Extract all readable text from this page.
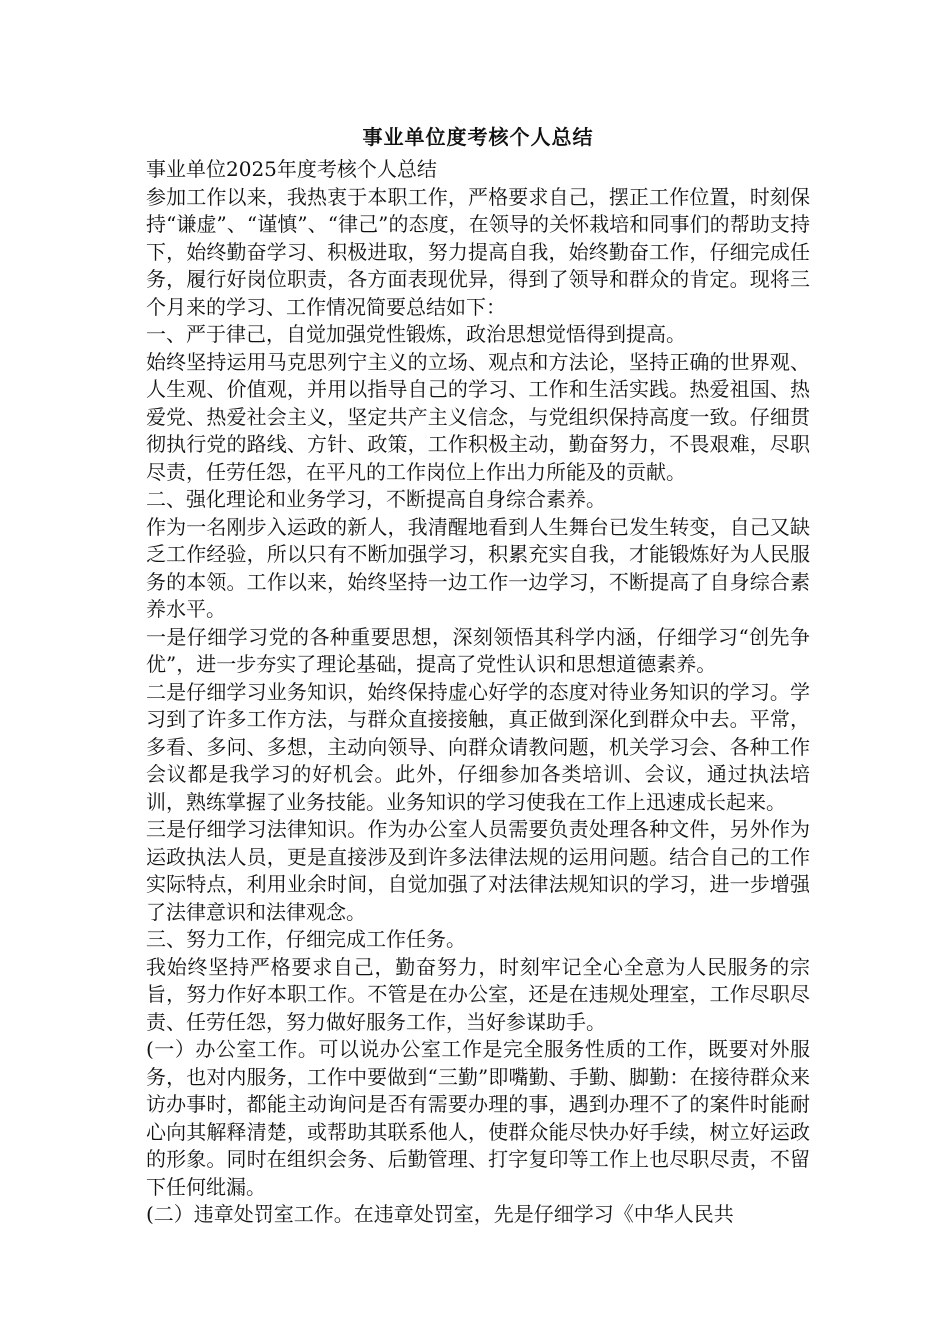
事业单位度考核个人总结

事业单位2025年度考核个人总结

参加工作以来，我热衷于本职工作，严格要求自己，摆正工作位置，时刻保持“谦虚”、“谨慎”、“律己”的态度，在领导的关怀栽培和同事们的帮助支持下，始终勤奋学习、积极进取，努力提高自我，始终勤奋工作，仔细完成任务，履行好岗位职责，各方面表现优异，得到了领导和群众的肯定。现将三个月来的学习、工作情况简要总结如下：

一、严于律己，自觉加强党性锻炼，政治思想觉悟得到提高。

始终坚持运用马克思列宁主义的立场、观点和方法论，坚持正确的世界观、人生观、价值观，并用以指导自己的学习、工作和生活实践。热爱祖国、热爱党、热爱社会主义，坚定共产主义信念，与党组织保持高度一致。仔细贯彻执行党的路线、方针、政策，工作积极主动，勤奋努力，不畏艰难，尽职尽责，任劳任怨，在平凡的工作岗位上作出力所能及的贡献。

二、强化理论和业务学习，不断提高自身综合素养。

作为一名刚步入运政的新人，我清醒地看到人生舞台已发生转变，自己又缺乏工作经验，所以只有不断加强学习，积累充实自我，才能锻炼好为人民服务的本领。工作以来，始终坚持一边工作一边学习，不断提高了自身综合素养水平。

一是仔细学习党的各种重要思想，深刻领悟其科学内涵，仔细学习“创先争优”，进一步夯实了理论基础，提高了党性认识和思想道德素养。

二是仔细学习业务知识，始终保持虚心好学的态度对待业务知识的学习。学习到了许多工作方法，与群众直接接触，真正做到深化到群众中去。平常，多看、多问、多想，主动向领导、向群众请教问题，机关学习会、各种工作会议都是我学习的好机会。此外，仔细参加各类培训、会议，通过执法培训，熟练掌握了业务技能。业务知识的学习使我在工作上迅速成长起来。

三是仔细学习法律知识。作为办公室人员需要负责处理各种文件，另外作为运政执法人员，更是直接涉及到许多法律法规的运用问题。结合自己的工作实际特点，利用业余时间，自觉加强了对法律法规知识的学习，进一步增强了法律意识和法律观念。

三、努力工作，仔细完成工作任务。

我始终坚持严格要求自己，勤奋努力，时刻牢记全心全意为人民服务的宗旨，努力作好本职工作。不管是在办公室，还是在违规处理室，工作尽职尽责、任劳任怨，努力做好服务工作，当好参谋助手。

(一）办公室工作。可以说办公室工作是完全服务性质的工作，既要对外服务，也对内服务，工作中要做到“三勤”即嘴勤、手勤、脚勤：在接待群众来访办事时，都能主动询问是否有需要办理的事，遇到办理不了的案件时能耐心向其解释清楚，或帮助其联系他人，使群众能尽快办好手续，树立好运政的形象。同时在组织会务、后勤管理、打字复印等工作上也尽职尽责，不留下任何纰漏。

(二）违章处罚室工作。在违章处罚室，先是仔细学习《中华人民共
